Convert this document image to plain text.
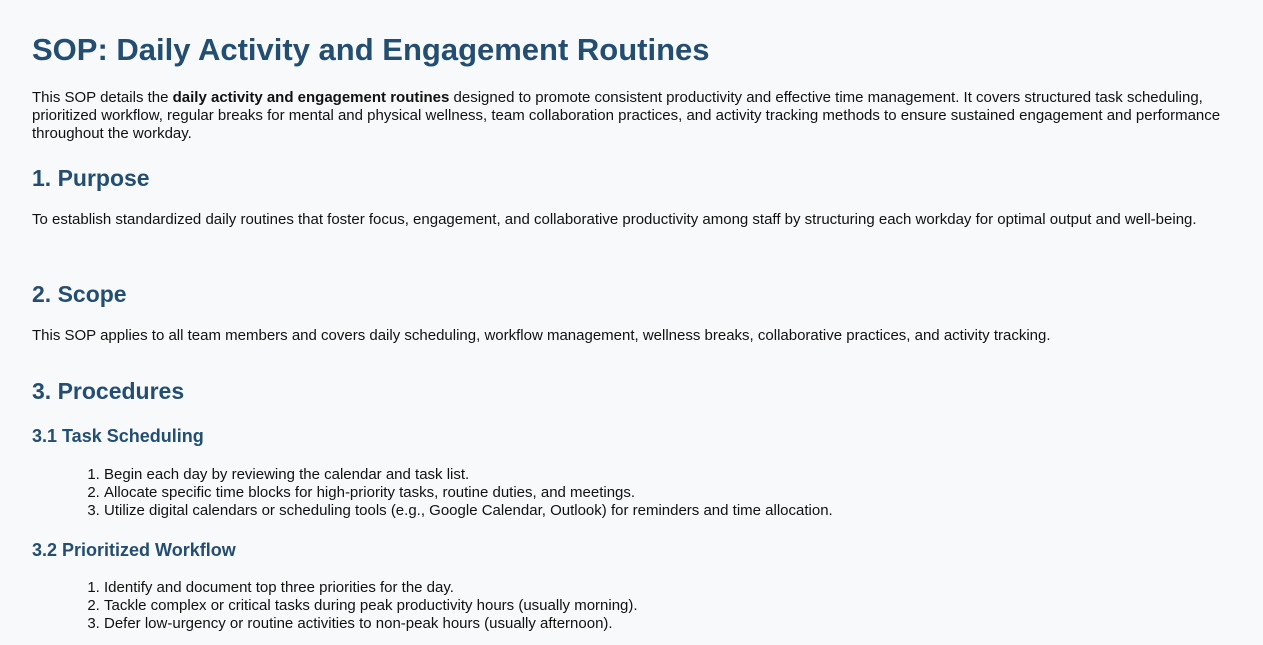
SOP: Daily Activity and Engagement Routines

This SOP details the daily activity and engagement routines designed to promote consistent productivity and effective time management. It covers structured task scheduling, prioritized workflow, regular breaks for mental and physical wellness, team collaboration practices, and activity tracking methods to ensure sustained engagement and performance throughout the workday.

1. Purpose

To establish standardized daily routines that foster focus, engagement, and collaborative productivity among staff by structuring each workday for optimal output and well-being.

2. Scope

This SOP applies to all team members and covers daily scheduling, workflow management, wellness breaks, collaborative practices, and activity tracking.

3. Procedures
3.1 Task Scheduling
1. Begin each day by reviewing the calendar and task list.
2. Allocate specific time blocks for high-priority tasks, routine duties, and meetings.
3. Utilize digital calendars or scheduling tools (e.g., Google Calendar, Outlook) for reminders and time allocation.
3.2 Prioritized Workflow
1. Identify and document top three priorities for the day.
2. Tackle complex or critical tasks during peak productivity hours (usually morning).
3. Defer low-urgency or routine activities to non-peak hours (usually afternoon).
